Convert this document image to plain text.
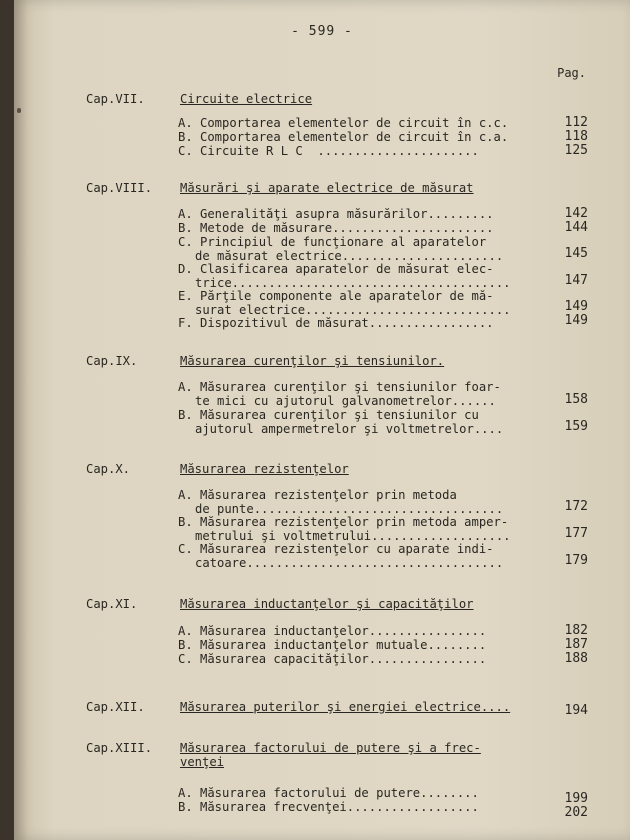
- 599 -
Pag.
Cap.VII.	Circuite electrice
A. Comportarea elementelor de circuit în c.c.	112
B. Comportarea elementelor de circuit în c.a.	118
C. Circuite R L C  ......................	125
Cap.VIII. Măsurări şi aparate electrice de măsurat
A. Generalităţi asupra măsurărilor.........	142
B. Metode de măsurare......................	144
C. Principiul de funcţionare al aparatelor
de măsurat electrice......................	145
D. Clasificarea aparatelor de măsurat elec-
trice......................................	147
E. Părţile componente ale aparatelor de mă-
surat electrice............................	149
F. Dispozitivul de măsurat.................	149
Cap.IX.	Măsurarea curenţilor şi tensiunilor.
A. Măsurarea curenţilor şi tensiunilor foar-
te mici cu ajutorul galvanometrelor......	158
B. Măsurarea curenţilor şi tensiunilor cu
ajutorul ampermetrelor şi voltmetrelor....	159
Cap.X.	Măsurarea rezistenţelor
A. Măsurarea rezistenţelor prin metoda
de punte..................................	172
B. Măsurarea rezistenţelor prin metoda amper-
metrului şi voltmetrului...................	177
C. Măsurarea rezistenţelor cu aparate indi-
catoare...................................	179
Cap.XI.	Măsurarea inductanţelor şi capacităţilor
A. Măsurarea inductanţelor................	182
B. Măsurarea inductanţelor mutuale........	187
C. Măsurarea capacităţilor................	188
Cap.XII.	Măsurarea puterilor şi energiei electrice....	194
Cap.XIII. Măsurarea factorului de putere şi a frec-
venţei
A. Măsurarea factorului de putere........	199
B. Măsurarea frecvenţei..................	202
